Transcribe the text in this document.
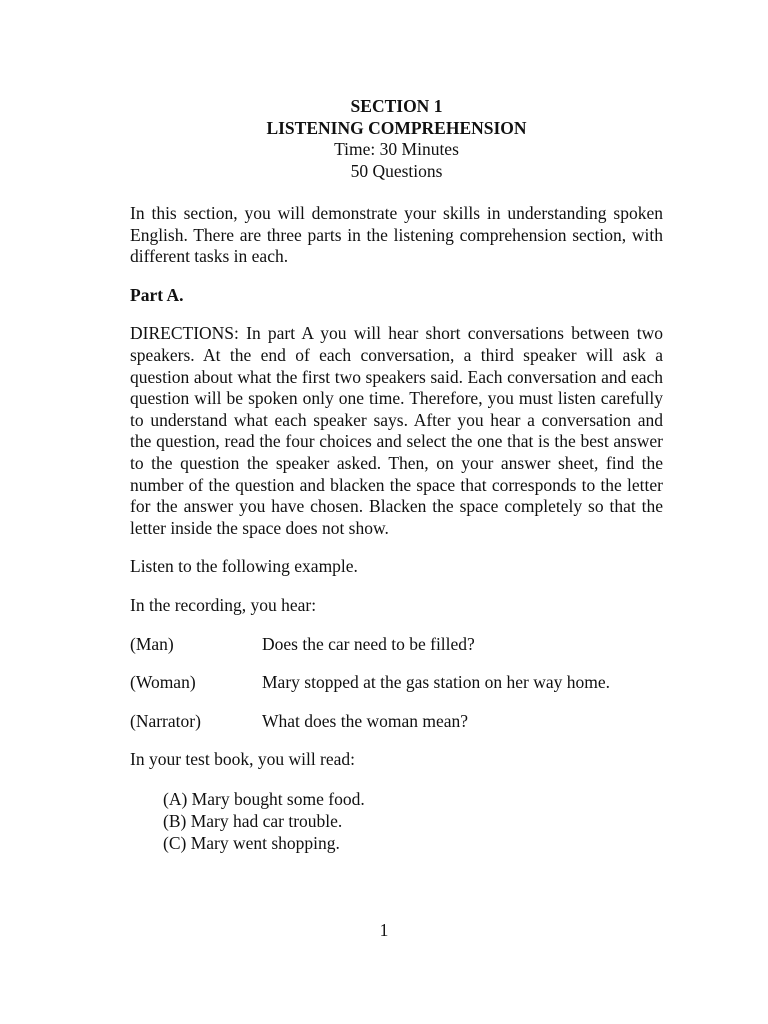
SECTION 1
LISTENING COMPREHENSION
Time: 30 Minutes
50 Questions

In this section, you will demonstrate your skills in understanding spoken English. There are three parts in the listening comprehension section, with different tasks in each.

Part A.

DIRECTIONS: In part A you will hear short conversations between two speakers. At the end of each conversation, a third speaker will ask a question about what the first two speakers said. Each conversation and each question will be spoken only one time. Therefore, you must listen carefully to understand what each speaker says. After you hear a conversation and the question, read the four choices and select the one that is the best answer to the question the speaker asked. Then, on your answer sheet, find the number of the question and blacken the space that corresponds to the letter for the answer you have chosen. Blacken the space completely so that the letter inside the space does not show.

Listen to the following example.

In the recording, you hear:

(Man)	Does the car need to be filled?
(Woman)	Mary stopped at the gas station on her way home.
(Narrator)	What does the woman mean?

In your test book, you will read:

(A) Mary bought some food.
(B) Mary had car trouble.
(C) Mary went shopping.
1
